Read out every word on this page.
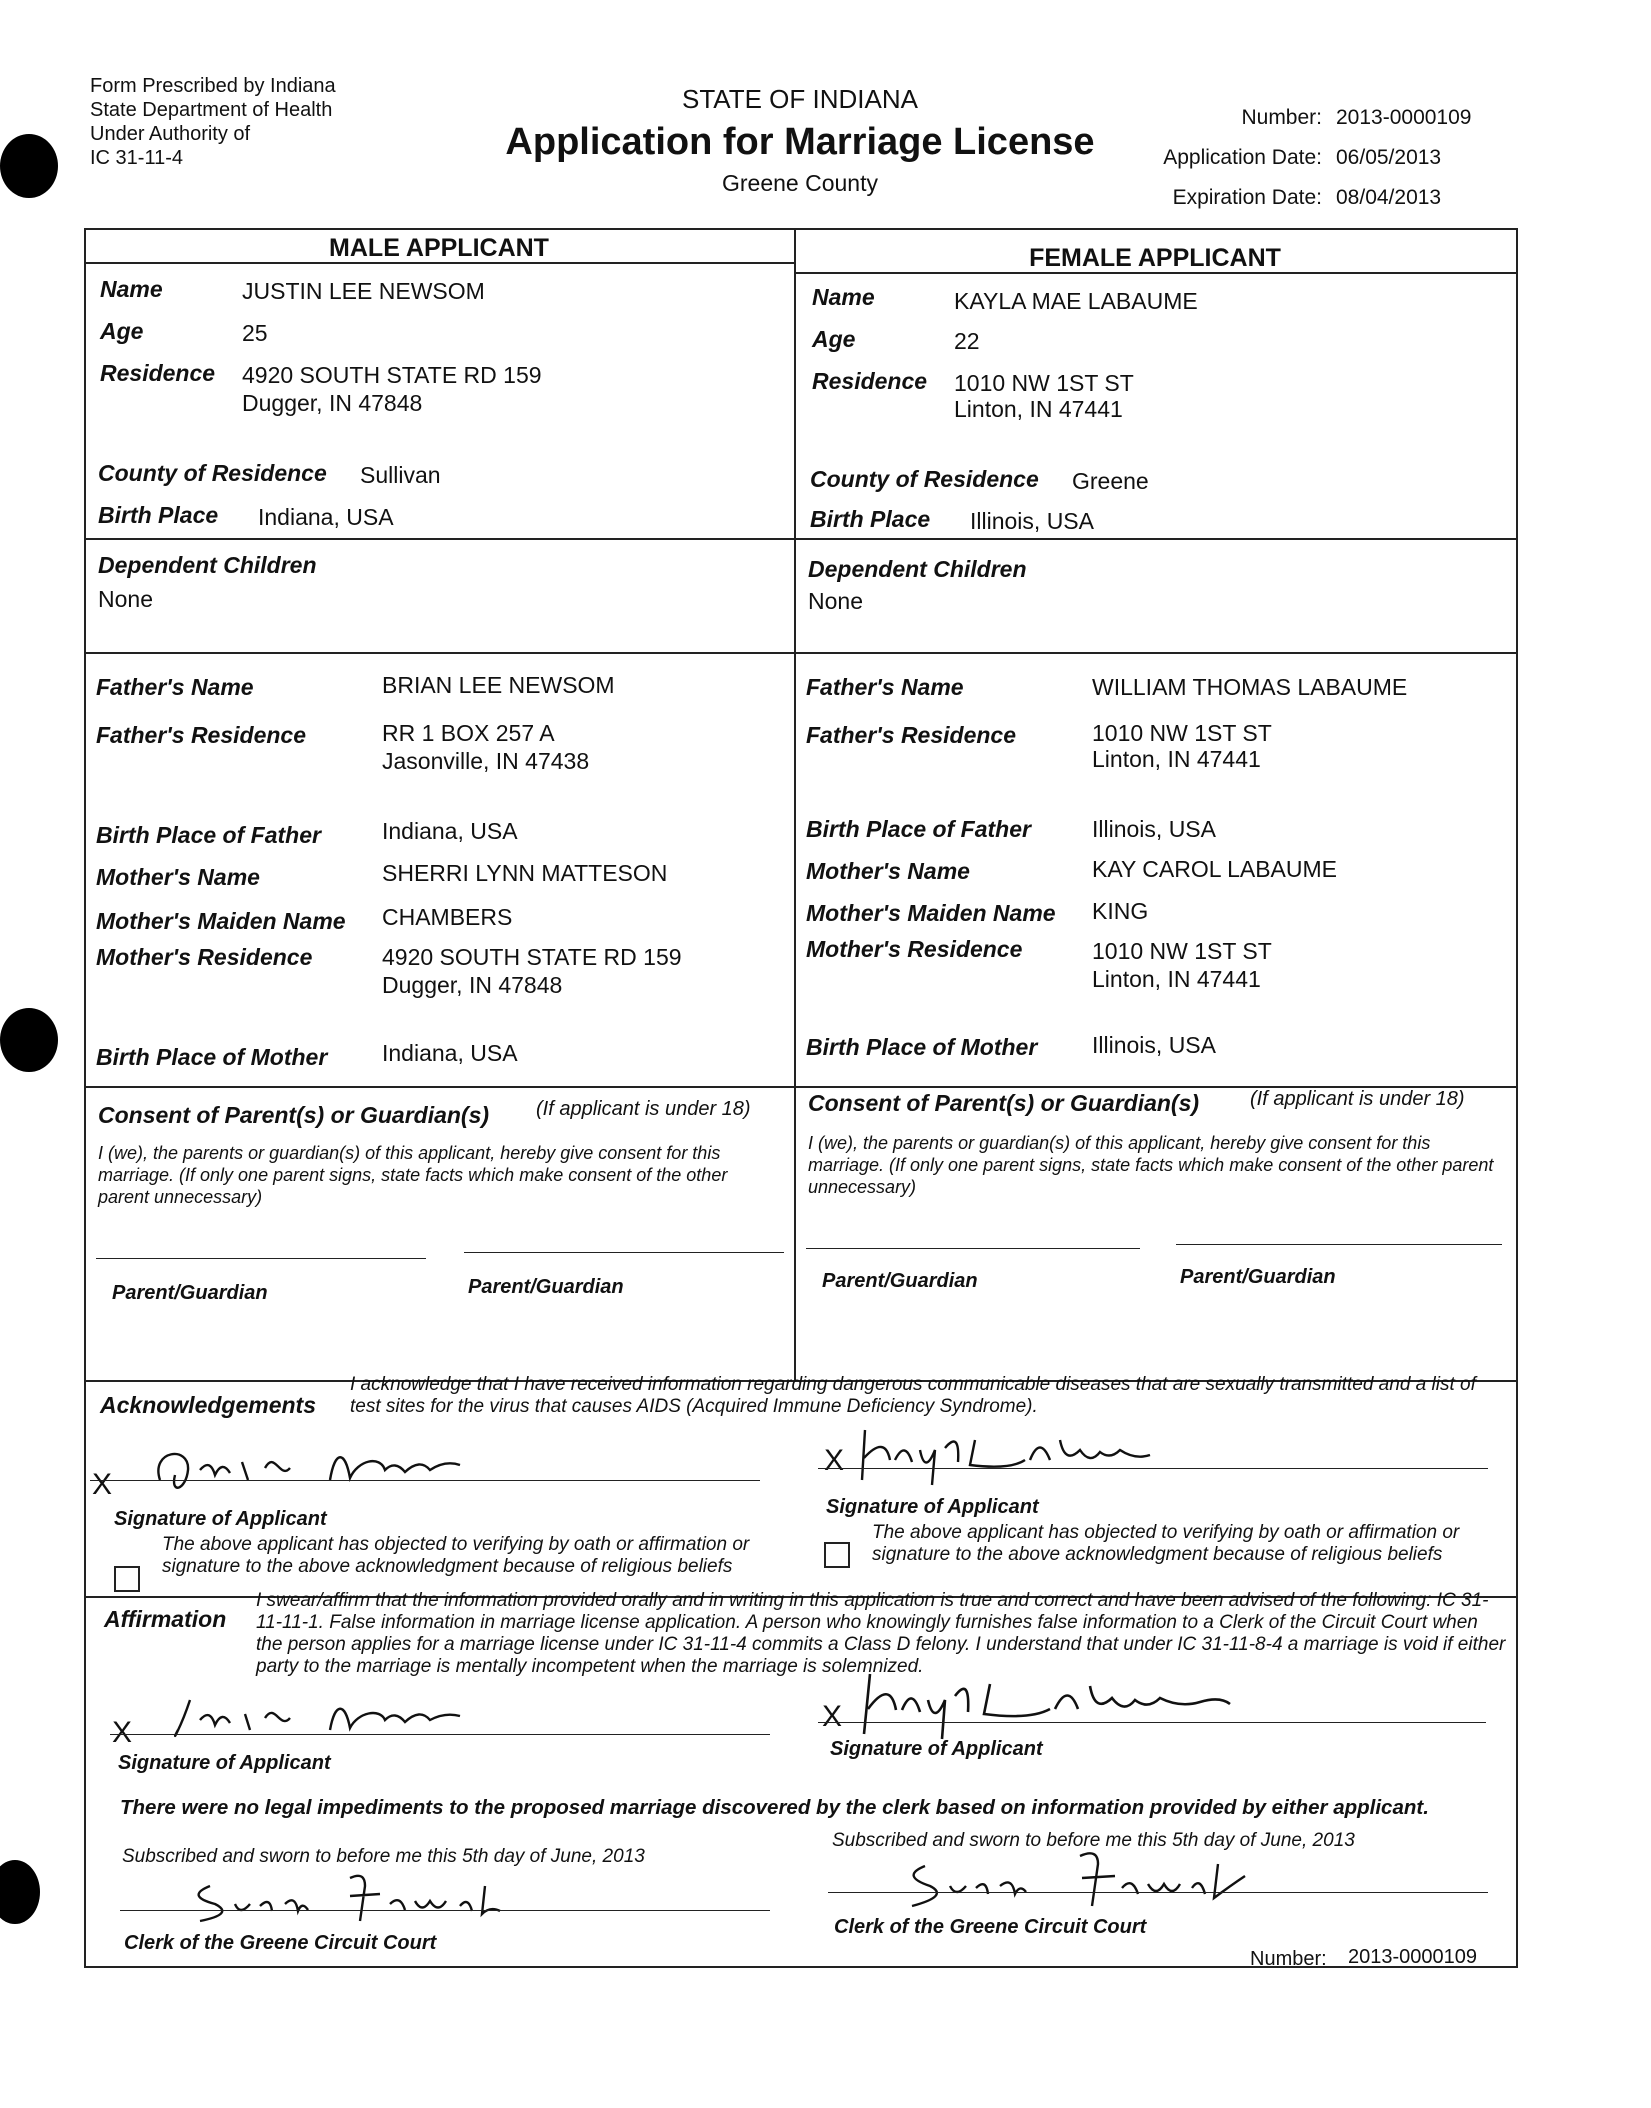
Form Prescribed by Indiana
State Department of Health
Under Authority of
IC 31-11-4
STATE OF INDIANA
Application for Marriage License
Greene County
Number: 2013-0000109
Application Date: 06/05/2013
Expiration Date: 08/04/2013
MALE APPLICANT	FEMALE APPLICANT
Name	JUSTIN LEE NEWSOM
Age	25
Residence 4920 SOUTH STATE RD 159
Dugger, IN 47848
County of Residence Sullivan
Birth Place Indiana, USA
Dependent Children
None
Father's Name	BRIAN LEE NEWSOM
Father's Residence	RR 1 BOX 257 A
Jasonville, IN 47438
Birth Place of Father	Indiana, USA
Mother's Name	SHERRI LYNN MATTESON
Mother's Maiden Name CHAMBERS
Mother's Residence	4920 SOUTH STATE RD 159
Dugger, IN 47848
Birth Place of Mother Indiana, USA
Consent of Parent(s) or Guardian(s) (If applicant is under 18)
I (we), the parents or guardian(s) of this applicant, hereby give consent for this marriage. (If only one parent signs, state facts which make consent of the other parent unnecessary)
Parent/Guardian	Parent/Guardian
Name	KAYLA MAE LABAUME
Age	22
Residence 1010 NW 1ST ST
Linton, IN 47441
County of Residence Greene
Birth Place Illinois, USA
Dependent Children
None
Father's Name	WILLIAM THOMAS LABAUME
Father's Residence	1010 NW 1ST ST
Linton, IN 47441
Birth Place of Father	Illinois, USA
Mother's Name	KAY CAROL LABAUME
Mother's Maiden Name KING
Mother's Residence	1010 NW 1ST ST
Linton, IN 47441
Birth Place of Mother Illinois, USA
Consent of Parent(s) or Guardian(s)	(If applicant is under 18)
I (we), the parents or guardian(s) of this applicant, hereby give consent for this marriage. (If only one parent signs, state facts which make consent of the other parent unnecessary)
Parent/Guardian	Parent/Guardian
Acknowledgements
I acknowledge that I have received information regarding dangerous communicable diseases that are sexually transmitted and a list of test sites for the virus that causes AIDS (Acquired Immune Deficiency Syndrome).
X
Signature of Applicant
The above applicant has objected to verifying by oath or affirmation or signature to the above acknowledgment because of religious beliefs
X
Signature of Applicant
The above applicant has objected to verifying by oath or affirmation or signature to the above acknowledgment because of religious beliefs
Affirmation
I swear/affirm that the information provided orally and in writing in this application is true and correct and have been advised of the following: IC 31-11-11-1. False information in marriage license application. A person who knowingly furnishes false information to a Clerk of the Circuit Court when the person applies for a marriage license under IC 31-11-4 commits a Class D felony. I understand that under IC 31-11-8-4 a marriage is void if either party to the marriage is mentally incompetent when the marriage is solemnized.
X
Signature of Applicant
X
Signature of Applicant
There were no legal impediments to the proposed marriage discovered by the clerk based on information provided by either applicant.
Subscribed and sworn to before me this 5th day of June, 2013
Clerk of the Greene Circuit Court
Subscribed and sworn to before me this 5th day of June, 2013
Clerk of the Greene Circuit Court
Number: 2013-0000109
